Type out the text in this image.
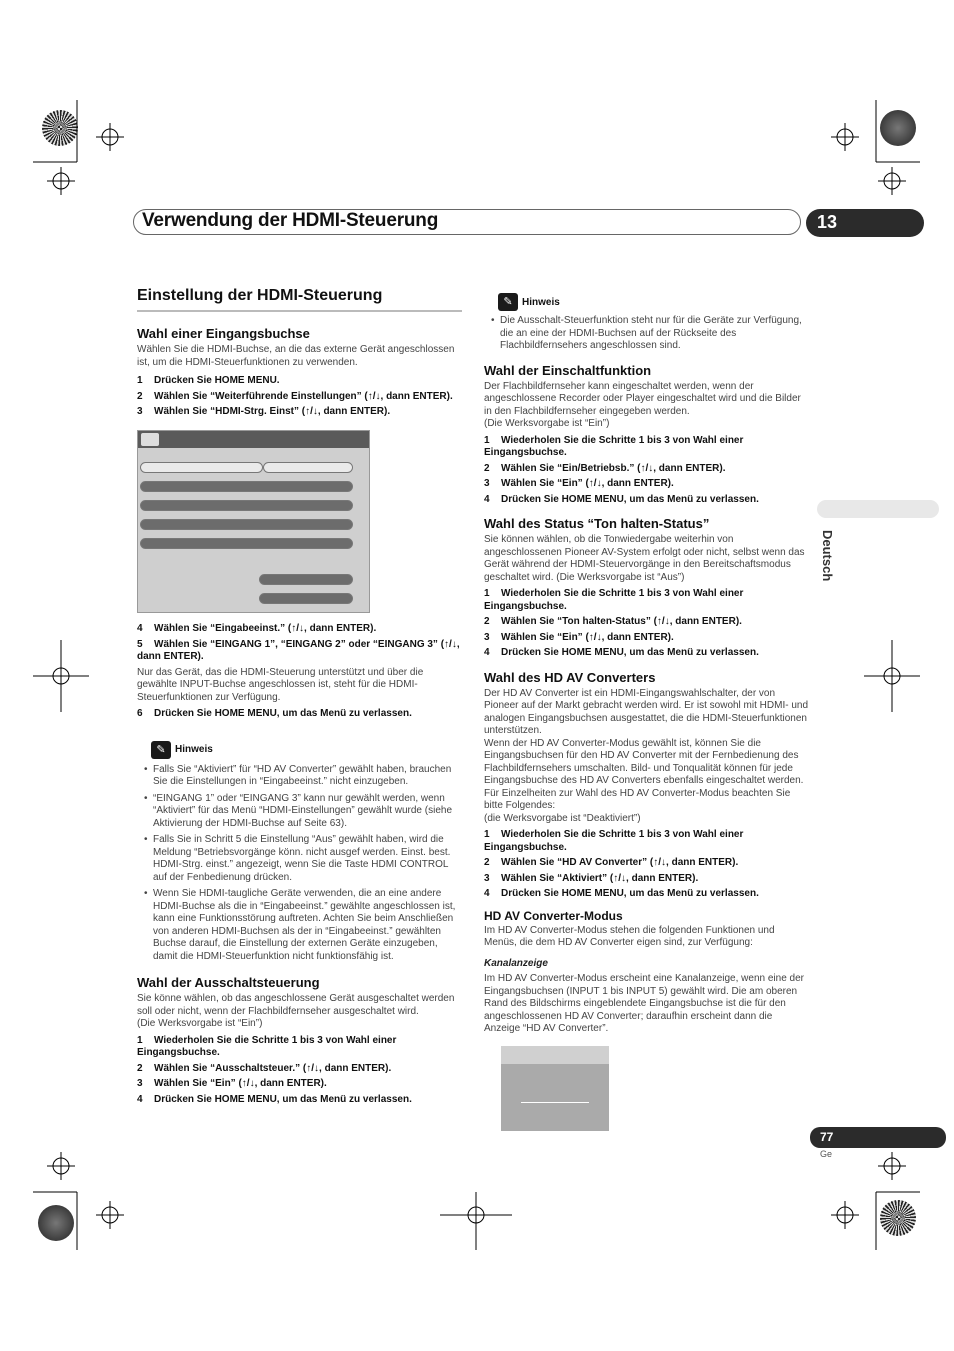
Verwendung der HDMI-Steuerung	13
Deutsch
Einstellung der HDMI-Steuerung
Wahl einer Eingangsbuchse
Wählen Sie die HDMI-Buchse, an die das externe Gerät angeschlossen ist, um die HDMI-Steuerfunktionen zu verwenden.
1 Drücken Sie HOME MENU.
2 Wählen Sie “Weiterführende Einstellungen” (↑/↓, dann ENTER).
3 Wählen Sie “HDMI-Strg. Einst” (↑/↓, dann ENTER).
4 Wählen Sie “Eingabeeinst.” (↑/↓, dann ENTER).
5 Wählen Sie “EINGANG 1”, “EINGANG 2” oder “EINGANG 3” (↑/↓, dann ENTER).
Nur das Gerät, das die HDMI-Steuerung unterstützt und über die gewählte INPUT-Buchse angeschlossen ist, steht für die HDMI-Steuerfunktionen zur Verfügung.
6 Drücken Sie HOME MENU, um das Menü zu verlassen.
✎ Hinweis
• Falls Sie “Aktiviert” für “HD AV Converter” gewählt haben, brauchen Sie die Einstellungen in “Eingabeeinst.” nicht einzugeben.
• “EINGANG 1” oder “EINGANG 3” kann nur gewählt werden, wenn “Aktiviert” für das Menü “HDMI-Einstellungen” gewählt wurde (siehe Aktivierung der HDMI-Buchse auf Seite 63).
• Falls Sie in Schritt 5 die Einstellung “Aus” gewählt haben, wird die Meldung “Betriebsvorgänge könn. nicht ausgef werden. Einst. best. HDMI-Strg. einst.” angezeigt, wenn Sie die Taste HDMI CONTROL auf der Fenbedienung drücken.
• Wenn Sie HDMI-taugliche Geräte verwenden, die an eine andere HDMI-Buchse als die in “Eingabeeinst.” gewählte angeschlossen ist, kann eine Funktionsstörung auftreten. Achten Sie beim Anschließen von anderen HDMI-Buchsen als der in “Eingabeeinst.” gewählten Buchse darauf, die Einstellung der externen Geräte einzugeben, damit die HDMI-Steuerfunktion nicht funktionsfähig ist.
Wahl der Ausschaltsteuerung
Sie könne wählen, ob das angeschlossene Gerät ausgeschaltet werden soll oder nicht, wenn der Flachbildfernseher ausgeschaltet wird.
(Die Werksvorgabe ist “Ein”)
1 Wiederholen Sie die Schritte 1 bis 3 von Wahl einer Eingangsbuchse.
2 Wählen Sie “Ausschaltsteuer.” (↑/↓, dann ENTER).
3 Wählen Sie “Ein” (↑/↓, dann ENTER).
4 Drücken Sie HOME MENU, um das Menü zu verlassen.
✎ Hinweis
• Die Ausschalt-Steuerfunktion steht nur für die Geräte zur Verfügung, die an eine der HDMI-Buchsen auf der Rückseite des Flachbildfernsehers angeschlossen sind.
Wahl der Einschaltfunktion
Der Flachbildfernseher kann eingeschaltet werden, wenn der angeschlossene Recorder oder Player eingeschaltet wird und die Bilder in den Flachbildfernseher eingegeben werden.
(Die Werksvorgabe ist “Ein”)
1 Wiederholen Sie die Schritte 1 bis 3 von Wahl einer Eingangsbuchse.
2 Wählen Sie “Ein/Betriebsb.” (↑/↓, dann ENTER).
3 Wählen Sie “Ein” (↑/↓, dann ENTER).
4 Drücken Sie HOME MENU, um das Menü zu verlassen.
Wahl des Status “Ton halten-Status”
Sie können wählen, ob die Tonwiedergabe weiterhin von angeschlossenen Pioneer AV-System erfolgt oder nicht, selbst wenn das Gerät während der HDMI-Steuervorgänge in den Bereitschaftsmodus geschaltet wird. (Die Werksvorgabe ist “Aus”)
1 Wiederholen Sie die Schritte 1 bis 3 von Wahl einer Eingangsbuchse.
2 Wählen Sie “Ton halten-Status” (↑/↓, dann ENTER).
3 Wählen Sie “Ein” (↑/↓, dann ENTER).
4 Drücken Sie HOME MENU, um das Menü zu verlassen.
Wahl des HD AV Converters
Der HD AV Converter ist ein HDMI-Eingangswahlschalter, der von Pioneer auf der Markt gebracht werden wird. Er ist sowohl mit HDMI- und analogen Eingangsbuchsen ausgestattet, die die HDMI-Steuerfunktionen unterstützen.
Wenn der HD AV Converter-Modus gewählt ist, können Sie die Eingangsbuchsen für den HD AV Converter mit der Fernbedienung des Flachbildfernsehers umschalten. Bild- und Tonqualität können für jede Eingangsbuchse des HD AV Converters ebenfalls eingeschaltet werden. Für Einzelheiten zur Wahl des HD AV Converter-Modus beachten Sie bitte Folgendes:
(die Werksvorgabe ist “Deaktiviert”)
1 Wiederholen Sie die Schritte 1 bis 3 von Wahl einer Eingangsbuchse.
2 Wählen Sie “HD AV Converter” (↑/↓, dann ENTER).
3 Wählen Sie “Aktiviert” (↑/↓, dann ENTER).
4 Drücken Sie HOME MENU, um das Menü zu verlassen.
HD AV Converter-Modus
Im HD AV Converter-Modus stehen die folgenden Funktionen und Menüs, die dem HD AV Converter eigen sind, zur Verfügung:
Kanalanzeige
Im HD AV Converter-Modus erscheint eine Kanalanzeige, wenn eine der Eingangsbuchsen (INPUT 1 bis INPUT 5) gewählt wird. Die am oberen Rand des Bildschirms eingeblendete Eingangsbuchse ist die für den angeschlossenen HD AV Converter; daraufhin erscheint dann die Anzeige “HD AV Converter”.
77
Ge
